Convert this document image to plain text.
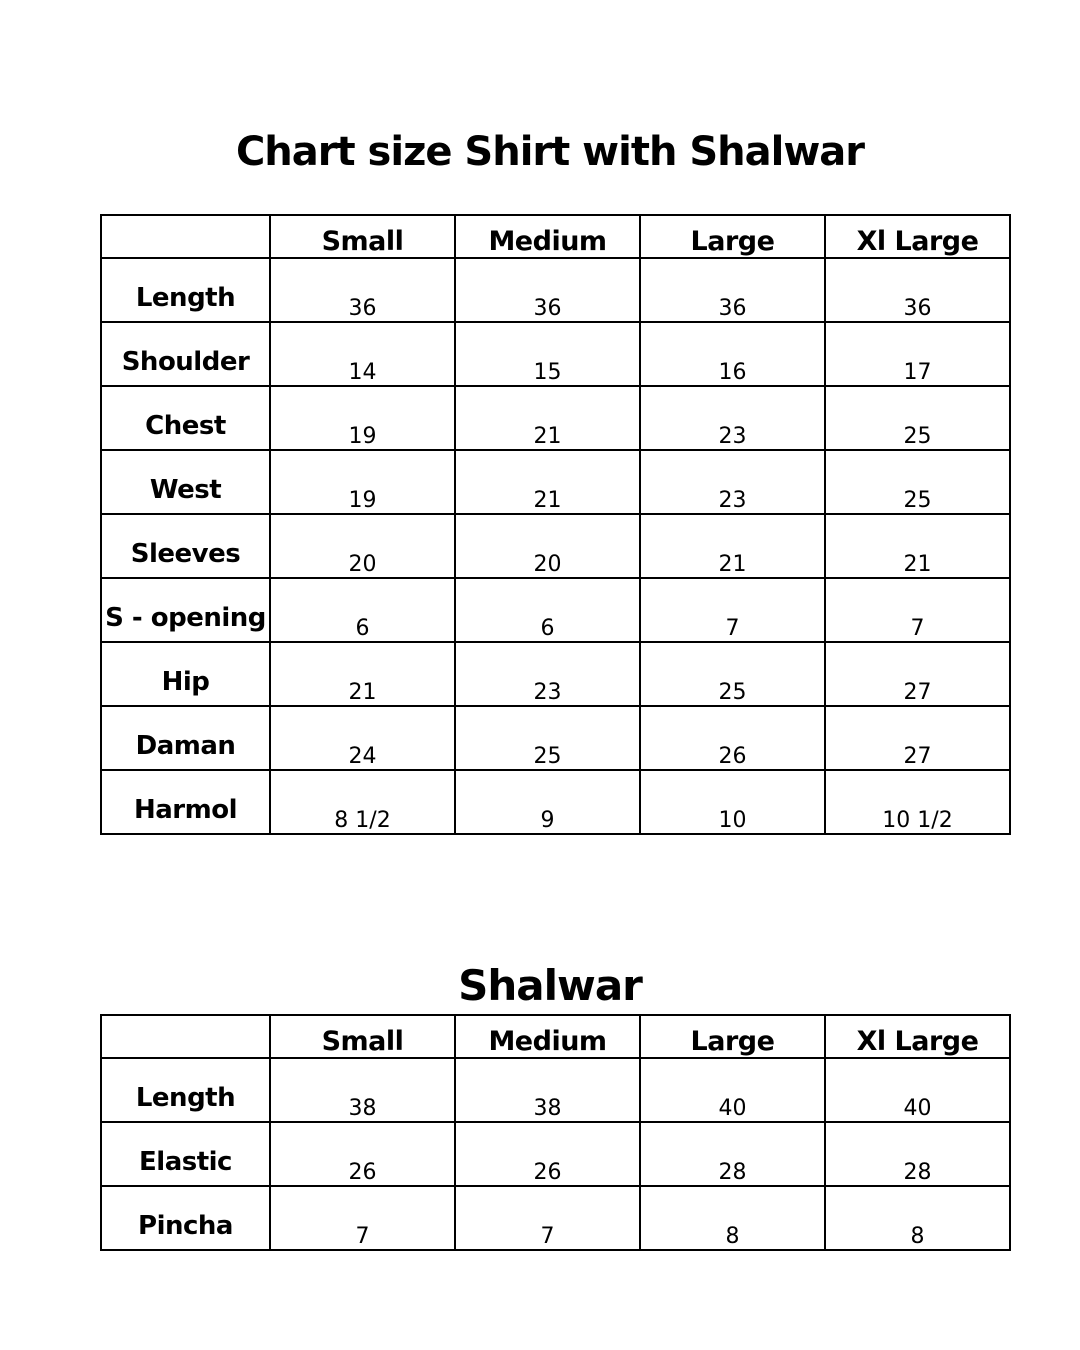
Chart size Shirt with Shalwar
	Small	Medium	Large	Xl Large
Length	36	36	36	36
Shoulder	14	15	16	17
Chest	19	21	23	25
West	19	21	23	25
Sleeves	20	20	21	21
S - opening	6	6	7	7
Hip	21	23	25	27
Daman	24	25	26	27
Harmol	8 1/2	9	10	10 1/2
Shalwar
	Small	Medium	Large	Xl Large
Length	38	38	40	40
Elastic	26	26	28	28
Pincha	7	7	8	8
